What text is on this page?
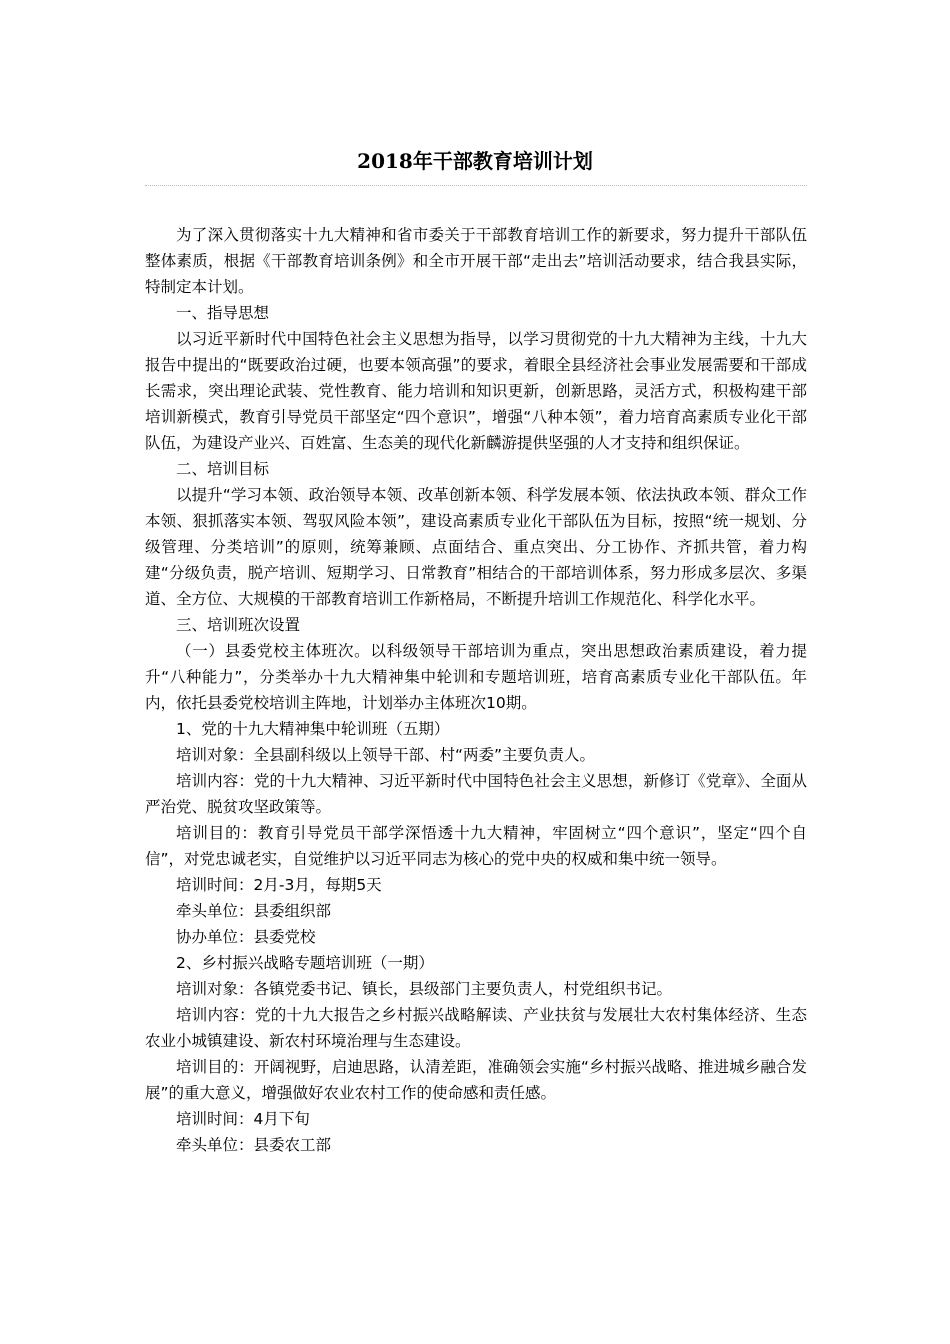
2018年干部教育培训计划

为了深入贯彻落实十九大精神和省市委关于干部教育培训工作的新要求，努力提升干部队伍整体素质，根据《干部教育培训条例》和全市开展干部“走出去”培训活动要求，结合我县实际，特制定本计划。

一、指导思想

以习近平新时代中国特色社会主义思想为指导，以学习贯彻党的十九大精神为主线，十九大报告中提出的“既要政治过硬，也要本领高强”的要求，着眼全县经济社会事业发展需要和干部成长需求，突出理论武装、党性教育、能力培训和知识更新，创新思路，灵活方式，积极构建干部培训新模式，教育引导党员干部坚定“四个意识”，增强“八种本领”，着力培育高素质专业化干部队伍，为建设产业兴、百姓富、生态美的现代化新麟游提供坚强的人才支持和组织保证。

二、培训目标

以提升“学习本领、政治领导本领、改革创新本领、科学发展本领、依法执政本领、群众工作本领、狠抓落实本领、驾驭风险本领”，建设高素质专业化干部队伍为目标，按照“统一规划、分级管理、分类培训”的原则，统筹兼顾、点面结合、重点突出、分工协作、齐抓共管，着力构建“分级负责，脱产培训、短期学习、日常教育”相结合的干部培训体系，努力形成多层次、多渠道、全方位、大规模的干部教育培训工作新格局，不断提升培训工作规范化、科学化水平。

三、培训班次设置

（一）县委党校主体班次。以科级领导干部培训为重点，突出思想政治素质建设，着力提升“八种能力”，分类举办十九大精神集中轮训和专题培训班，培育高素质专业化干部队伍。年内，依托县委党校培训主阵地，计划举办主体班次10期。

1、党的十九大精神集中轮训班（五期）

培训对象：全县副科级以上领导干部、村“两委”主要负责人。

培训内容：党的十九大精神、习近平新时代中国特色社会主义思想，新修订《党章》、全面从严治党、脱贫攻坚政策等。

培训目的：教育引导党员干部学深悟透十九大精神，牢固树立“四个意识”，坚定“四个自信”，对党忠诚老实，自觉维护以习近平同志为核心的党中央的权威和集中统一领导。

培训时间：2月-3月，每期5天

牵头单位：县委组织部

协办单位：县委党校

2、乡村振兴战略专题培训班（一期）

培训对象：各镇党委书记、镇长，县级部门主要负责人，村党组织书记。

培训内容：党的十九大报告之乡村振兴战略解读、产业扶贫与发展壮大农村集体经济、生态农业小城镇建设、新农村环境治理与生态建设。

培训目的：开阔视野，启迪思路，认清差距，准确领会实施“乡村振兴战略、推进城乡融合发展”的重大意义，增强做好农业农村工作的使命感和责任感。

培训时间：4月下旬

牵头单位：县委农工部
